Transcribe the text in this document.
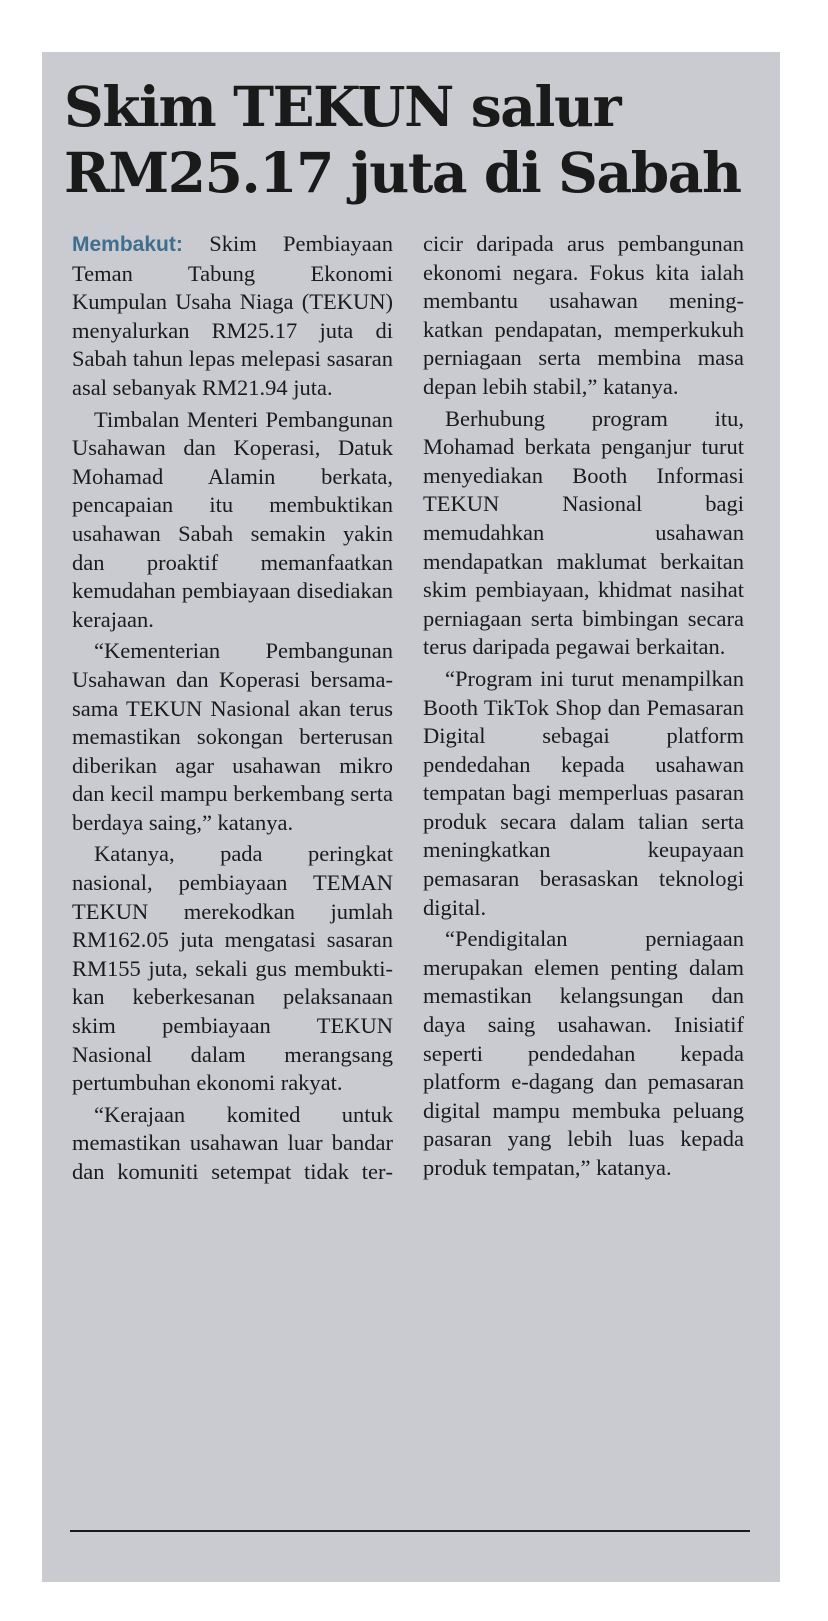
Skim TEKUN salur
RM25.17 juta di Sabah

Membakut: Skim Pembiayaan Teman Tabung Ekonomi Kumpulan Usaha Niaga (TEKUN) menyalurkan RM25.17 juta di Sabah tahun lepas melepasi sasaran asal sebanyak RM21.94 juta.

Timbalan Menteri Pembangunan Usahawan dan Koperasi, Datuk Mohamad Alamin berkata, pencapaian itu membuktikan usahawan Sabah semakin yakin dan proaktif memanfaatkan kemudahan pembiayaan disediakan kerajaan.

“Kementerian Pembangunan Usahawan dan Koperasi bersama-sama TEKUN Nasional akan terus memastikan sokongan berterusan diberikan agar usahawan mikro dan kecil mampu berkembang serta berdaya saing,” katanya.

Katanya, pada peringkat nasional, pembiayaan TEMAN TEKUN merekodkan jumlah RM162.05 juta mengatasi sasaran RM155 juta, sekali gus membuktikan keberkesanan pelaksanaan skim pembiayaan TEKUN Nasional dalam merangsang pertumbuhan ekonomi rakyat.

“Kerajaan komited untuk memastikan usahawan luar bandar dan komuniti setempat tidak tercicir daripada arus pembangunan ekonomi negara. Fokus kita ialah membantu usahawan meningkatkan pendapatan, memperkukuh perniagaan serta membina masa depan lebih stabil,” katanya.

Berhubung program itu, Mohamad berkata penganjur turut menyediakan Booth Informasi TEKUN Nasional bagi memudahkan usahawan mendapatkan maklumat berkaitan skim pembiayaan, khidmat nasihat perniagaan serta bimbingan secara terus daripada pegawai berkaitan.

“Program ini turut menampilkan Booth TikTok Shop dan Pemasaran Digital sebagai platform pendedahan kepada usahawan tempatan bagi memperluas pasaran produk secara dalam talian serta meningkatkan keupayaan pemasaran berasaskan teknologi digital.

“Pendigitalan perniagaan merupakan elemen penting dalam memastikan kelangsungan dan daya saing usahawan. Inisiatif seperti pendedahan kepada platform e-dagang dan pemasaran digital mampu membuka peluang pasaran yang lebih luas kepada produk tempatan,” katanya.
